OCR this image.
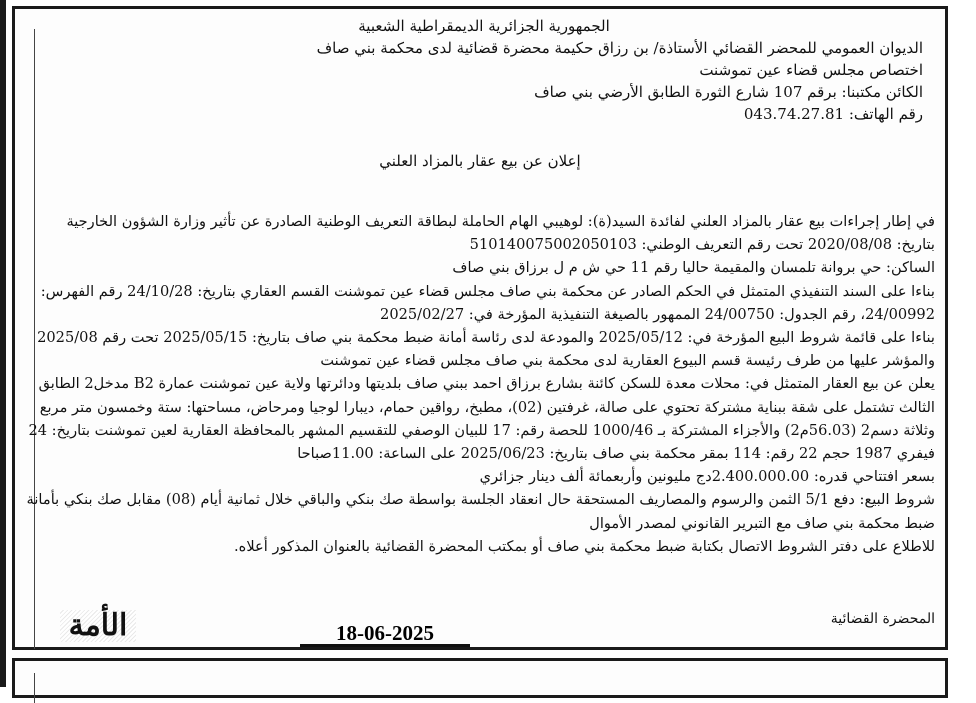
الجمهورية الجزائرية الديمقراطية الشعبية
الديوان العمومي للمحضر القضائي الأستاذة/ بن رزاق حكيمة محضرة قضائية لدى محكمة بني صاف
اختصاص مجلس قضاء عين تموشنت
الكائن مكتبنا: برقم 107 شارع الثورة الطابق الأرضي بني صاف
رقم الهاتف: 043.74.27.81
إعلان عن بيع عقار بالمزاد العلني

في إطار إجراءات بيع عقار بالمزاد العلني لفائدة السيد(ة): لوهيبي الهام الحاملة لبطاقة التعريف الوطنية الصادرة عن تأثير وزارة الشؤون الخارجية بتاريخ: 2020/08/08 تحت رقم التعريف الوطني: 510140075002050103

الساكن: حي بروانة تلمسان والمقيمة حاليا رقم 11 حي ش م ل برزاق بني صاف

بناءا على السند التنفيذي المتمثل في الحكم الصادر عن محكمة بني صاف مجلس قضاء عين تموشنت القسم العقاري بتاريخ: 24/10/28 رقم الفهرس: 24/00992، رقم الجدول: 24/00750 الممهور بالصيغة التنفيذية المؤرخة في: 2025/02/27

بناءا على قائمة شروط البيع المؤرخة في: 2025/05/12 والمودعة لدى رئاسة أمانة ضبط محكمة بني صاف بتاريخ: 2025/05/15 تحت رقم 2025/08 والمؤشر عليها من طرف رئيسة قسم البيوع العقارية لدى محكمة بني صاف مجلس قضاء عين تموشنت

يعلن عن بيع العقار المتمثل في: محلات معدة للسكن كائنة بشارع برزاق احمد ببني صاف بلديتها ودائرتها ولاية عين تموشنت عمارة B2 مدخل2 الطابق الثالث تشتمل على شقة ببناية مشتركة تحتوي على صالة، غرفتين (02)، مطبخ، رواقين حمام، ديبارا لوجيا ومرحاض، مساحتها: ستة وخمسون متر مربع وثلاثة دسم2 (56.03م2) والأجزاء المشتركة بـ 1000/46 للحصة رقم: 17 للبيان الوصفي للتقسيم المشهر بالمحافظة العقارية لعين تموشنت بتاريخ: 24 فيفري 1987 حجم 22 رقم: 114 بمقر محكمة بني صاف بتاريخ: 2025/06/23 على الساعة: 11.00صباحا

بسعر افتتاحي قدره: 2.400.000.00دج مليونين وأربعمائة ألف دينار جزائري

شروط البيع: دفع 5/1 الثمن والرسوم والمصاريف المستحقة حال انعقاد الجلسة بواسطة صك بنكي والباقي خلال ثمانية أيام (08) مقابل صك بنكي بأمانة ضبط محكمة بني صاف مع التبرير القانوني لمصدر الأموال

للاطلاع على دفتر الشروط الاتصال بكتابة ضبط محكمة بني صاف أو بمكتب المحضرة القضائية بالعنوان المذكور أعلاه.

المحضرة القضائية
الأمة	18-06-2025
